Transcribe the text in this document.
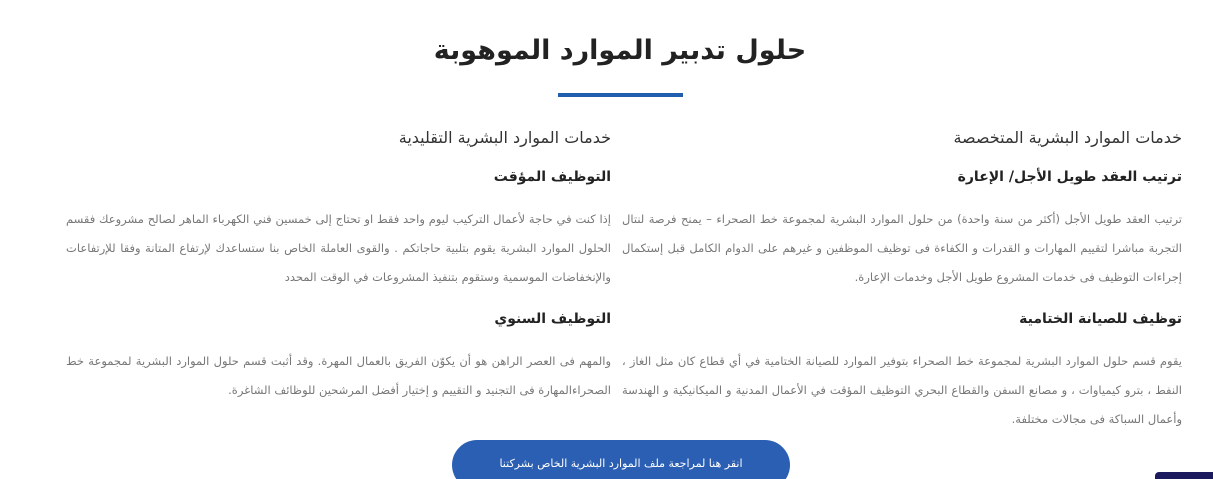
حلول تدبير الموارد الموهوبة
خدمات الموارد البشرية المتخصصة
ترتيب العقد طويل الأجل/ الإعارة

ترتيب العقد طويل الأجل (أكثر من سنة واحدة) من حلول الموارد البشرية لمجموعة خط الصحراء – يمنح فرصة لنتال التجربة مباشرا لتقييم المهارات و القدرات و الكفاءة فى توظيف الموظفين و غيرهم على الدوام الكامل قبل إستكمال إجراءات التوظيف فى خدمات المشروع طويل الأجل وخدمات الإعارة.

توظيف للصيانة الختامية

يقوم قسم حلول الموارد البشرية لمجموعة خط الصحراء بتوفير الموارد للصيانة الختامية في أي قطاع كان مثل الغاز ، النفط ، بترو كيمياوات ، و مصانع السفن والقطاع البحري التوظيف المؤقت في الأعمال المدنية و الميكانيكية و الهندسة وأعمال السباكة فى مجالات مختلفة.

خدمات الموارد البشرية التقليدية
التوظيف المؤقت

إذا كنت في حاجة لأعمال التركيب ليوم واحد فقط او تحتاج إلى خمسين فني الكهرباء الماهر لصالح مشروعك فقسم الحلول الموارد البشرية يقوم بتلبية حاجاتكم . والقوى العاملة الخاص بنا ستساعدك لإرتفاع المتانة وفقا للإرتفاعات والإنخفاضات الموسمية وستقوم بتنفيذ المشروعات في الوقت المحدد

التوظيف السنوي

والمهم فى العصر الراهن هو أن يكوّن الفريق بالعمال المهرة. وقد أثبت قسم حلول الموارد البشرية لمجموعة خط الصحراءالمهارة فى التجنيد و التقييم و إختيار أفضل المرشحين للوظائف الشاغرة.

انقر هنا لمراجعة ملف الموارد البشرية الخاص بشركتنا
